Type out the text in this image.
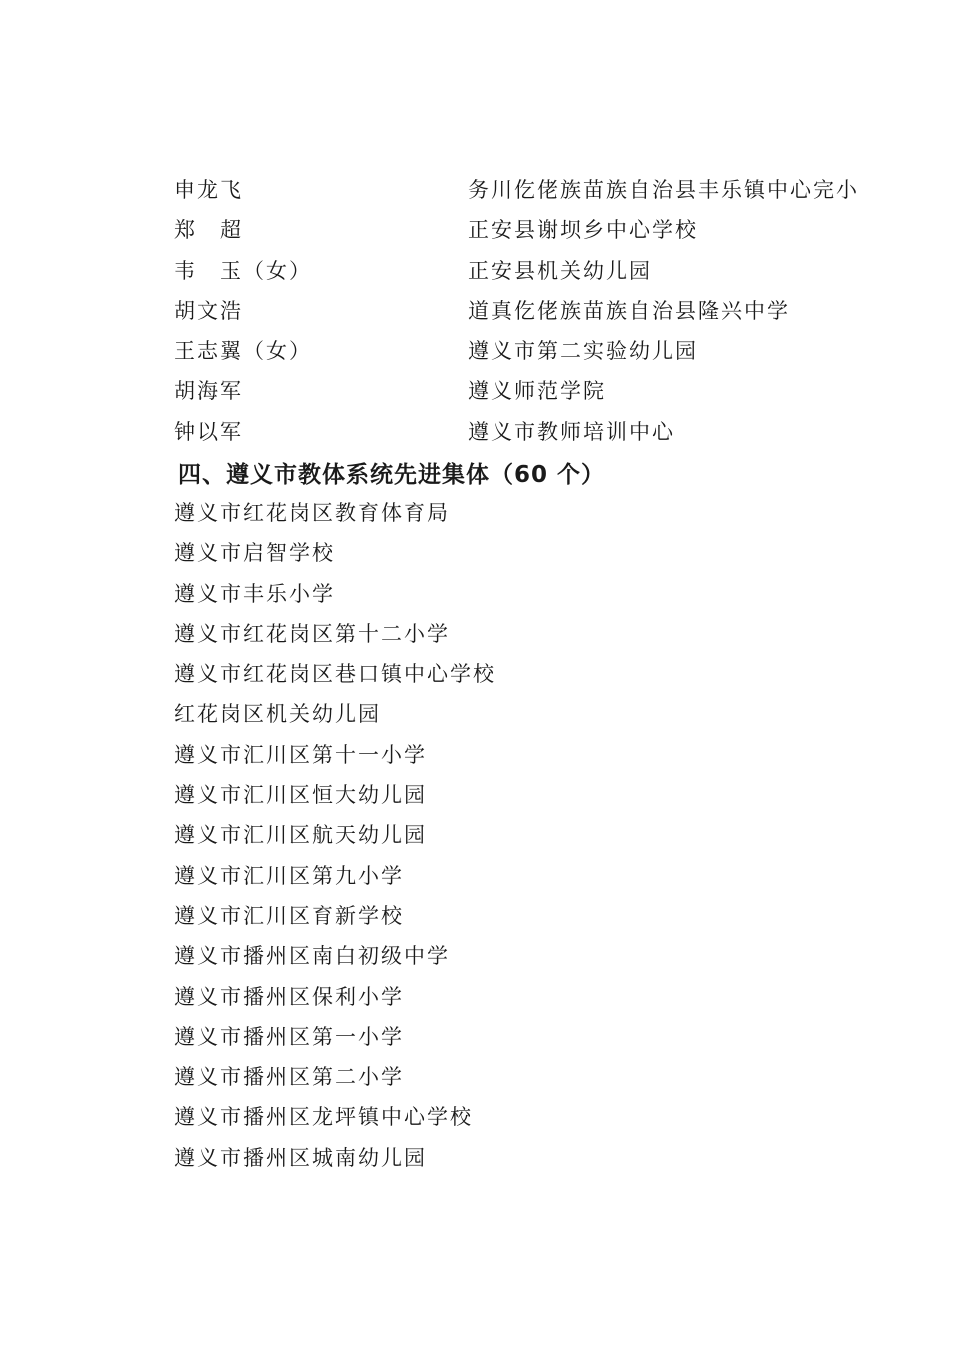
申龙飞	务川仡佬族苗族自治县丰乐镇中心完小
郑　超	正安县谢坝乡中心学校
韦　玉（女）	正安县机关幼儿园
胡文浩	道真仡佬族苗族自治县隆兴中学
王志翼（女）	遵义市第二实验幼儿园
胡海军	遵义师范学院
钟以军	遵义市教师培训中心
四、遵义市教体系统先进集体（60 个）
遵义市红花岗区教育体育局
遵义市启智学校
遵义市丰乐小学
遵义市红花岗区第十二小学
遵义市红花岗区巷口镇中心学校
红花岗区机关幼儿园
遵义市汇川区第十一小学
遵义市汇川区恒大幼儿园
遵义市汇川区航天幼儿园
遵义市汇川区第九小学
遵义市汇川区育新学校
遵义市播州区南白初级中学
遵义市播州区保利小学
遵义市播州区第一小学
遵义市播州区第二小学
遵义市播州区龙坪镇中心学校
遵义市播州区城南幼儿园
